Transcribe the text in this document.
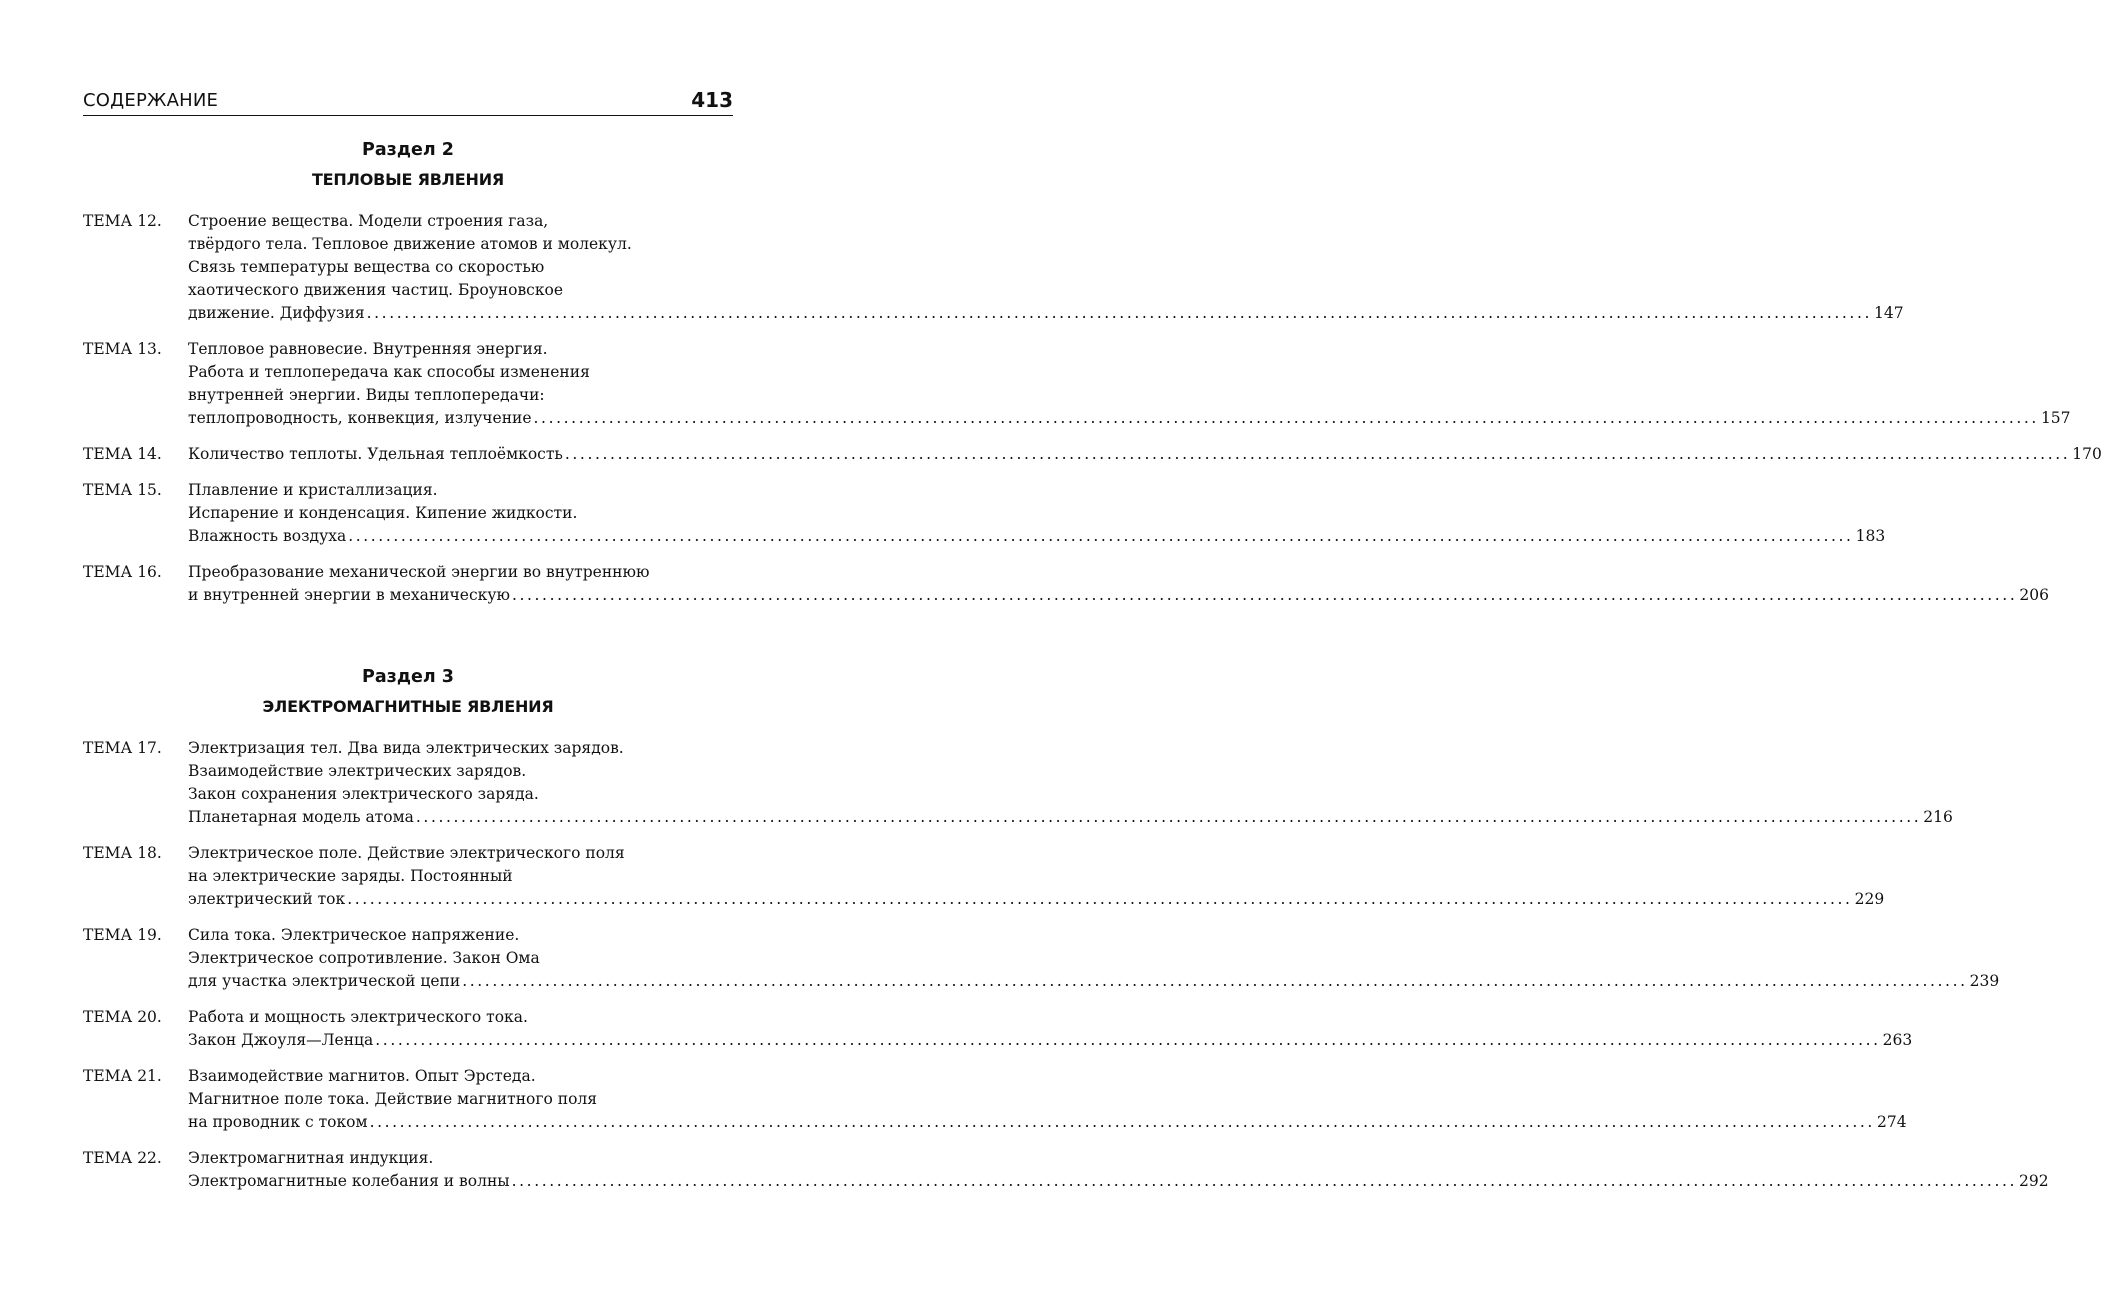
СОДЕРЖАНИЕ	413
Раздел 2
ТЕПЛОВЫЕ ЯВЛЕНИЯ
ТЕМА 12.	Строение вещества. Модели строения газа,
твёрдого тела. Тепловое движение атомов и молекул.
Связь температуры вещества со скоростью
хаотического движения частиц. Броуновское
движение. Диффузия ........................................................................................................................................................................................................ 147
ТЕМА 13.	Тепловое равновесие. Внутренняя энергия.
Работа и теплопередача как способы изменения
внутренней энергии. Виды теплопередачи:
теплопроводность, конвекция, излучение ........................................................................................................................................................................................................ 157
ТЕМА 14.	Количество теплоты. Удельная теплоёмкость ........................................................................................................................................................................................................ 170
ТЕМА 15.	Плавление и кристаллизация.
Испарение и конденсация. Кипение жидкости.
Влажность воздуха ........................................................................................................................................................................................................ 183
ТЕМА 16.	Преобразование механической энергии во внутреннюю
и внутренней энергии в механическую ........................................................................................................................................................................................................ 206
Раздел 3
ЭЛЕКТРОМАГНИТНЫЕ ЯВЛЕНИЯ
ТЕМА 17.	Электризация тел. Два вида электрических зарядов.
Взаимодействие электрических зарядов.
Закон сохранения электрического заряда.
Планетарная модель атома ........................................................................................................................................................................................................ 216
ТЕМА 18.	Электрическое поле. Действие электрического поля
на электрические заряды. Постоянный
электрический ток ........................................................................................................................................................................................................ 229
ТЕМА 19.	Сила тока. Электрическое напряжение.
Электрическое сопротивление. Закон Ома
для участка электрической цепи ........................................................................................................................................................................................................ 239
ТЕМА 20.	Работа и мощность электрического тока.
Закон Джоуля—Ленца ........................................................................................................................................................................................................ 263
ТЕМА 21.	Взаимодействие магнитов. Опыт Эрстеда.
Магнитное поле тока. Действие магнитного поля
на проводник с током ........................................................................................................................................................................................................ 274
ТЕМА 22.	Электромагнитная индукция.
Электромагнитные колебания и волны ........................................................................................................................................................................................................ 292
